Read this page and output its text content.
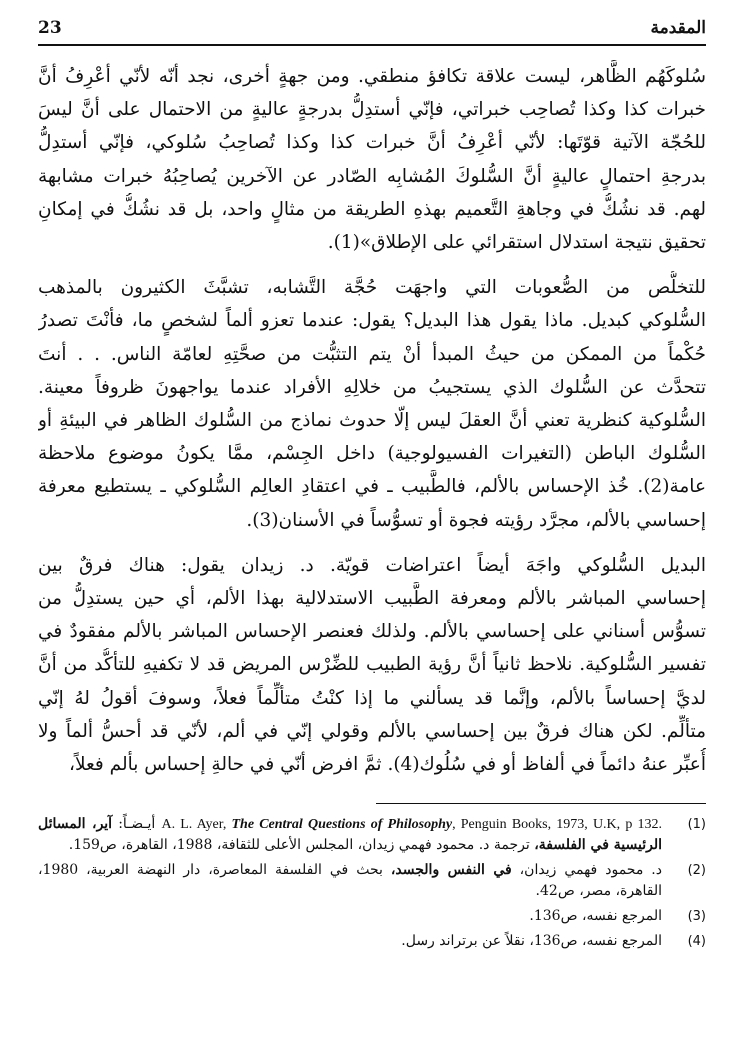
المقدمة
23

سُلوكَهُم الظَّاهر، ليست علاقة تكافؤ منطقي. ومن جهةٍ أخرى، نجد أنّه لأنّي أعْرِفُ أنَّ
خبرات كذا وكذا تُصاحِب خبراتي، فإنّي أستدِلُّ بدرجةٍ عاليةٍ من الاحتمال على أنَّ ليسَ
للحُجّة الآتية قوّتَها: لأنّي أعْرِفُ أنَّ خبرات كذا وكذا تُصاحِبُ سُلوكي، فإنّي أستدِلُّ
بدرجةِ احتمالٍ عاليةٍ أنَّ السُّلوكَ المُشابِه الصّادر عن الآخرين يُصاحِبُهُ خبرات مشابهة
لهم. قد نشُكُّ في وجاهةِ التَّعميم بهذهِ الطريقة من مثالٍ واحد، بل قد نشُكُّ في إمكانِ
تحقيق نتيجة استدلال استقرائي على الإطلاق»(1).

للتخلُّص من الصُّعوبات التي واجهَت حُجَّة التَّشابه، تشبَّثَ الكثيرون بالمذهب
السُّلوكي كبديل. ماذا يقول هذا البديل؟ يقول: عندما تعزو ألماً لشخصٍ ما، فأنْتَ تصدرُ
حُكْماً من الممكن من حيثُ المبدأ أنْ يتم التثبُّت من صحَّتِهِ لعامّة الناس. . . أنتَ
تتحدَّث عن السُّلوك الذي يستجيبُ من خلالِهِ الأفراد عندما يواجهونَ ظروفاً معينة.
السُّلوكية كنظرية تعني أنَّ العقلَ ليس إلّا حدوث نماذج من السُّلوك الظاهر في البيئةِ أو
السُّلوك الباطن (التغيرات الفسيولوجية) داخل الجِسْم، ممَّا يكونُ موضوع ملاحظة
عامة(2). خُذ الإحساس بالألم، فالطَّبيب ـ في اعتقادِ العالِم السُّلوكي ـ يستطيع معرفة
إحساسي بالألم، مجرَّد رؤيته فجوة أو تسوُّساً في الأسنان(3).

البديل السُّلوكي واجَهَ أيضاً اعتراضات قويّة. د. زيدان يقول: هناك فرقٌ بين
إحساسي المباشر بالألم ومعرفة الطَّبيب الاستدلالية بهذا الألم، أي حين يستدِلُّ من
تسوُّس أسناني على إحساسي بالألم. ولذلك فعنصر الإحساس المباشر بالألم مفقودٌ في
تفسير السُّلوكية. نلاحظ ثانياً أنَّ رؤية الطبيب للضِّرْس المريض قد لا تكفيهِ للتأكُّد من أنَّ
لديَّ إحساساً بالألم، وإنَّما قد يسألني ما إذا كنْتُ متألِّماً فعلاً، وسوفَ أقولُ لهُ إنّي
متألِّم. لكن هناك فرقٌ بين إحساسي بالألم وقولي إنّي في ألم، لأنّي قد أحسُّ ألماً ولا
أُعبِّر عنهُ دائماً في ألفاظ أو في سُلُوك(4). ثمَّ افرض أنّي في حالةِ إحساس بألم فعلاً،

(1)
A. L. Ayer, The Central Questions of Philosophy, Penguin Books, 1973, U.K, p 132. أيـضـاً: آير، المسائل الرئيسية في الفلسفة، ترجمة د. محمود فهمي زيدان، المجلس الأعلى للثقافة، 1988، القاهرة، ص159.
(2)
د. محمود فهمي زيدان، في النفس والجسد، بحث في الفلسفة المعاصرة، دار النهضة العربية، 1980، القاهرة، مصر، ص42.
(3)
المرجع نفسه، ص136.
(4)
المرجع نفسه، ص136، نقلاً عن برتراند رسل.
